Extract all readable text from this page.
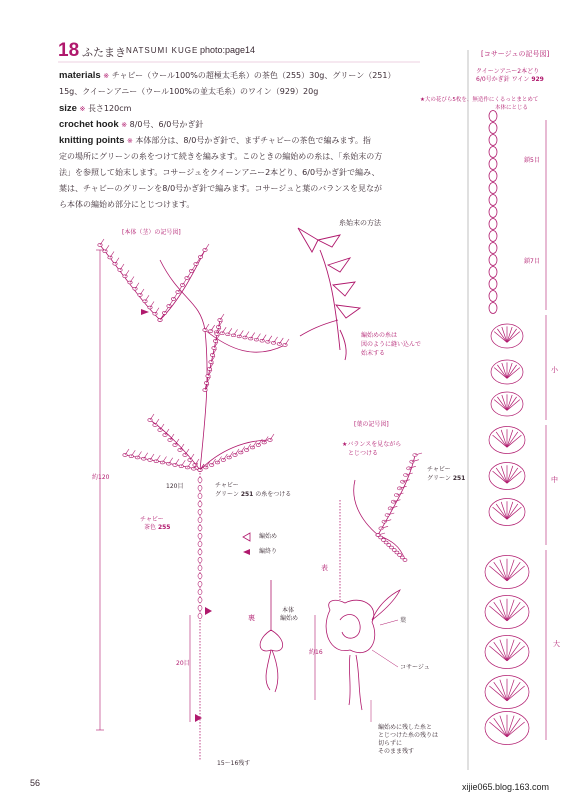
18 ふたまき NATSUMI KUGE photo:page14
materials ※ チャビー（ウール100%の超極太毛糸）の茶色（255）30g、グリーン（251）
15g、クイーンアニー（ウール100%の並太毛糸）のワイン（929）20g
size ※ 長さ120cm
crochet hook ※ 8/0号、6/0号かぎ針
knitting points ※ 本体部分は、8/0号かぎ針で、まずチャビーの茶色で編みます。指
定の場所にグリーンの糸をつけて続きを編みます。このときの編始めの糸は、「糸始末の方
法」を参照して始末します。コサージュをクイーンアニー2本どり、6/0号かぎ針で編み、
葉は、チャビーのグリーンを8/0号かぎ針で編みます。コサージュと葉のバランスを見なが
ら本体の編始め部分にとじつけます。
[コサージュの記号図]
クイーンアニー2本どり
6/0号かぎ針 ワイン 929
★大の花びら5枚を、無造作にくるっとまとめて
本体にとじる
鎖5目
鎖7目
小
中
大
[本体（茎）の記号図]
120目
約120
チャビー
グリーン 251 の糸をつける
チャビー
茶色 255
20目
15〜16残す
編始め
編終り
糸始末の方法
編始めの糸は
図のように縫い込んで
始末する
[葉の記号図]
★バランスを見ながら
とじつける
チャビー
グリーン 251
裏
表
本体
編始め	葉
コサージュ
約16
編始めに残した糸と
とじつけた糸の残りは
切らずに
そのまま残す
56	xijie065.blog.163.com
